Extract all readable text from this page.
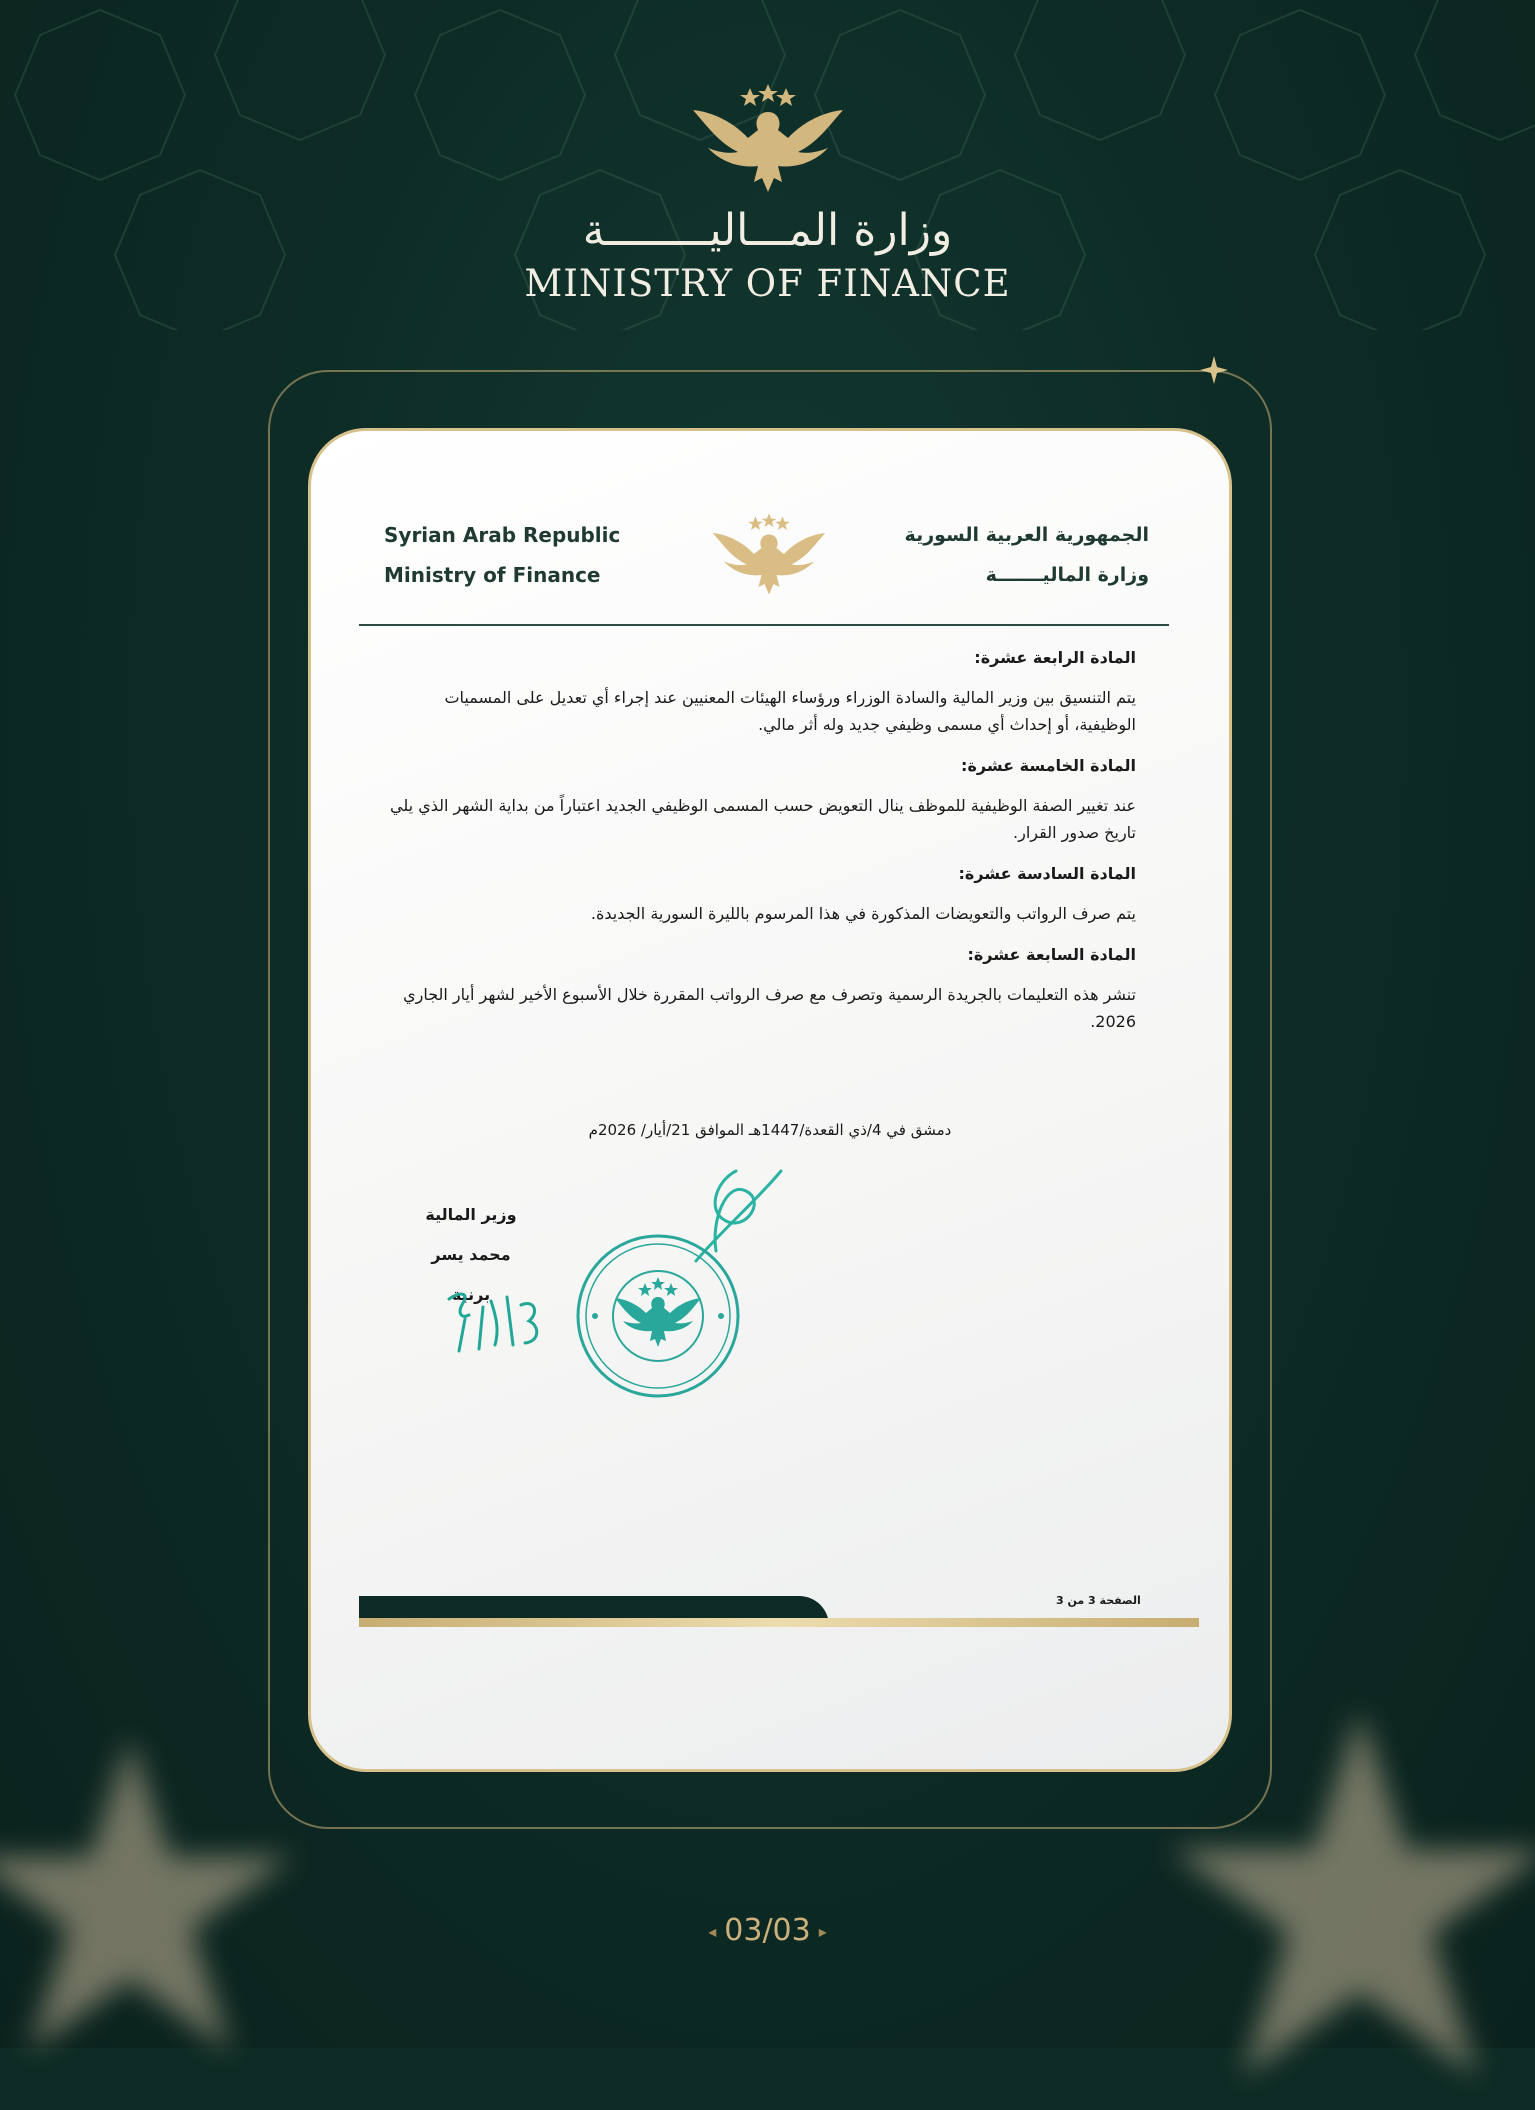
وزارة المـــاليــــــــة
MINISTRY OF FINANCE
Syrian Arab Republic
Ministry of Finance
الجمهورية العربية السورية
وزارة الماليـــــــة

المادة الرابعة عشرة:

يتم التنسيق بين وزير المالية والسادة الوزراء ورؤساء الهيئات المعنيين عند إجراء أي تعديل على المسميات الوظيفية، أو إحداث أي مسمى وظيفي جديد وله أثر مالي.

المادة الخامسة عشرة:

عند تغيير الصفة الوظيفية للموظف ينال التعويض حسب المسمى الوظيفي الجديد اعتباراً من بداية الشهر الذي يلي تاريخ صدور القرار.

المادة السادسة عشرة:

يتم صرف الرواتب والتعويضات المذكورة في هذا المرسوم بالليرة السورية الجديدة.

المادة السابعة عشرة:

تنشر هذه التعليمات بالجريدة الرسمية وتصرف مع صرف الرواتب المقررة خلال الأسبوع الأخير لشهر أيار الجاري 2026.

دمشق في 4/ذي القعدة/1447هـ الموافق 21/أيار/ 2026م
وزير المالية
محمد يسر برنية
الصفحة 3 من 3
◂ 03/03 ▸
